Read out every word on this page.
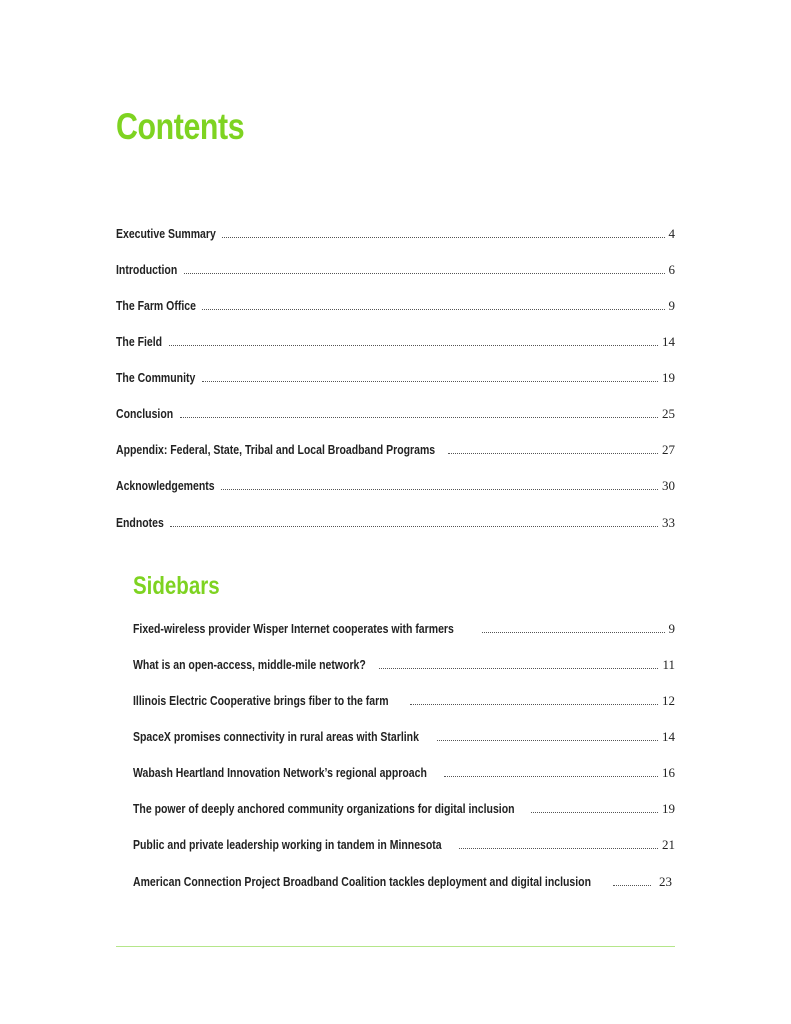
Contents
Executive Summary	4
Introduction	6
The Farm Office	9
The Field	14
The Community	19
Conclusion	25
Appendix: Federal, State, Tribal and Local Broadband Programs	27
Acknowledgements	30
Endnotes	33
Sidebars
Fixed-wireless provider Wisper Internet cooperates with farmers	9
What is an open-access, middle-mile network?	11
Illinois Electric Cooperative brings fiber to the farm	12
SpaceX promises connectivity in rural areas with Starlink	14
Wabash Heartland Innovation Network’s regional approach	16
The power of deeply anchored community organizations for digital inclusion	19
Public and private leadership working in tandem in Minnesota	21
American Connection Project Broadband Coalition tackles deployment and digital inclusion	23
